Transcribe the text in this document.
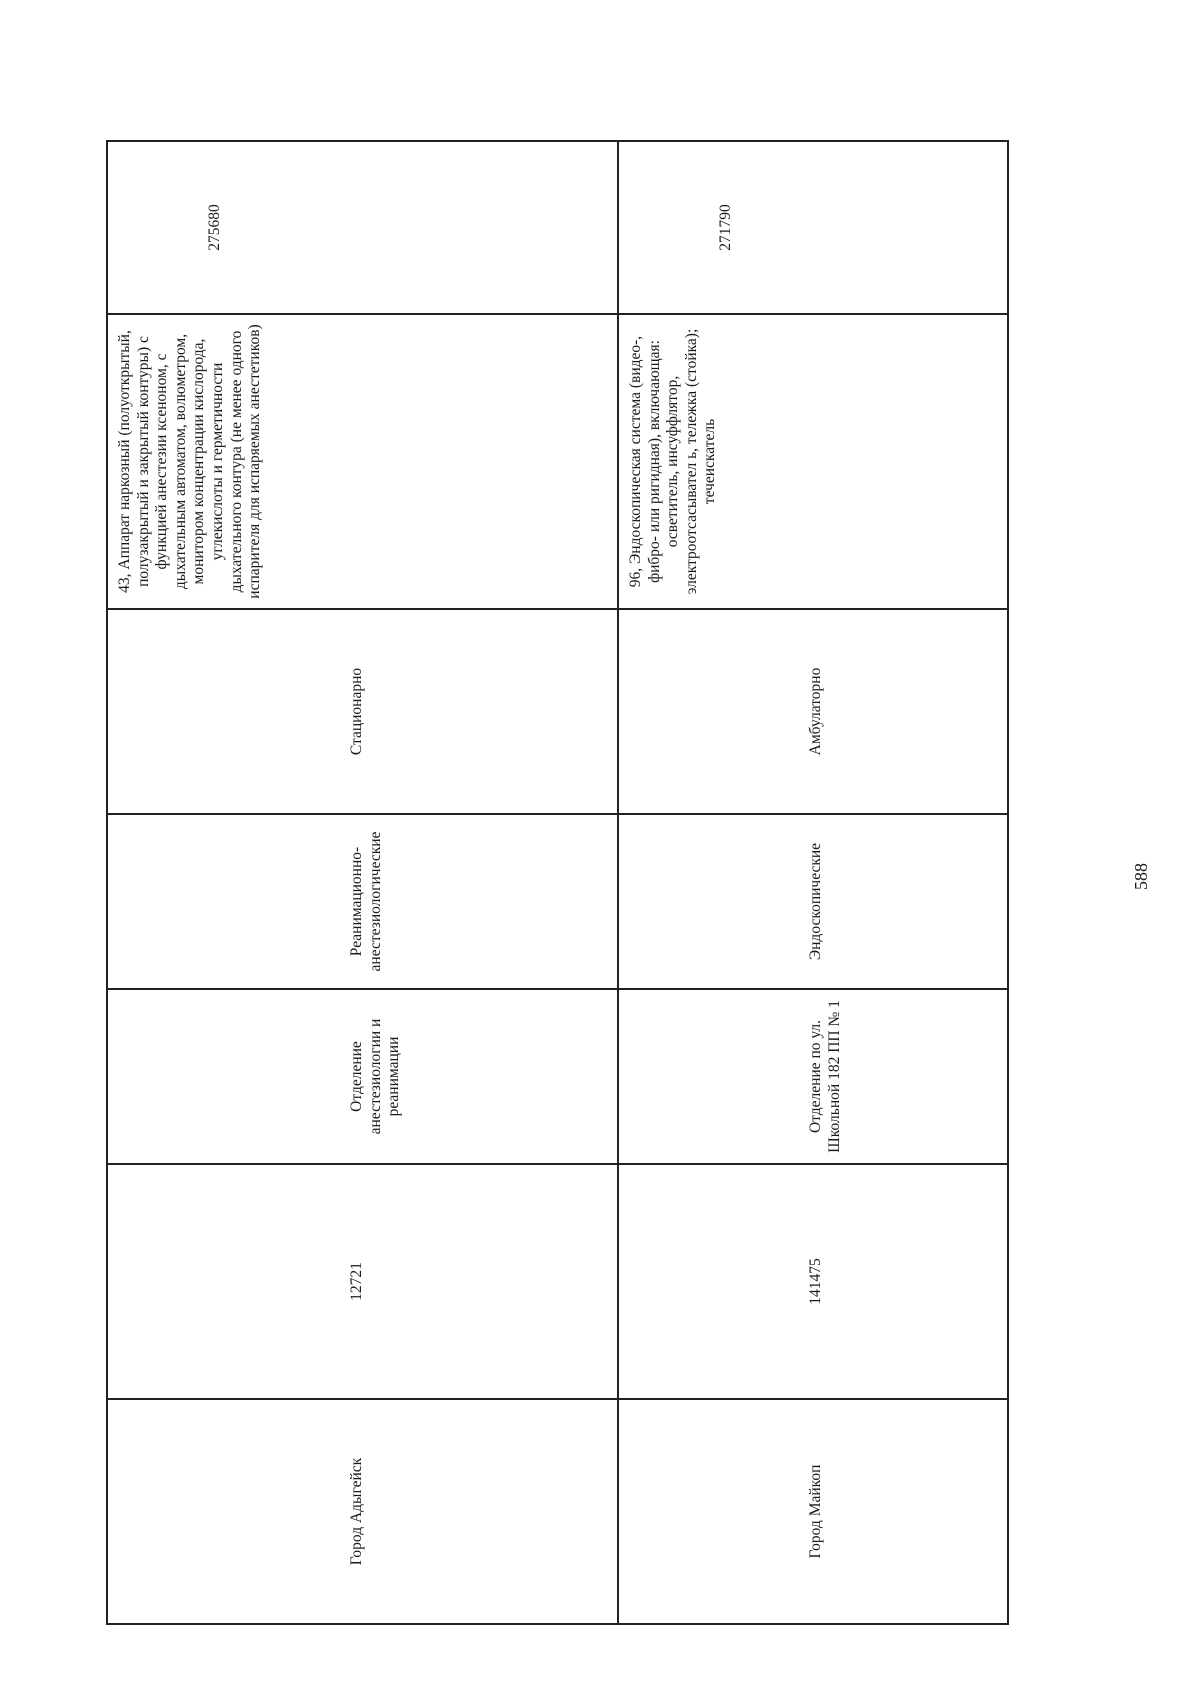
Город Адыгейск	12721	Отделение анестезиологии и реанимации	Реанимационно-анестезиологические	Стационарно	43, Аппарат наркозный (полуоткрытый, полузакрытый и закрытый контуры) с функцией анестезии ксеноном, с дыхательным автоматом, волюметром, монитором концентрации кислорода, углекислоты и герметичности дыхательного контура (не менее одного испарителя для испаряемых анестетиков)	275680
Город Майкоп	141475	Отделение по ул. Школьной 182 ПП № 1	Эндоскопические	Амбулаторно	96, Эндоскопическая система (видео-, фибро- или ригидная), включающая: осветитель, инсуффлятор, электроотсасывател ь, тележка (стойка); течеискатель	271790
588
